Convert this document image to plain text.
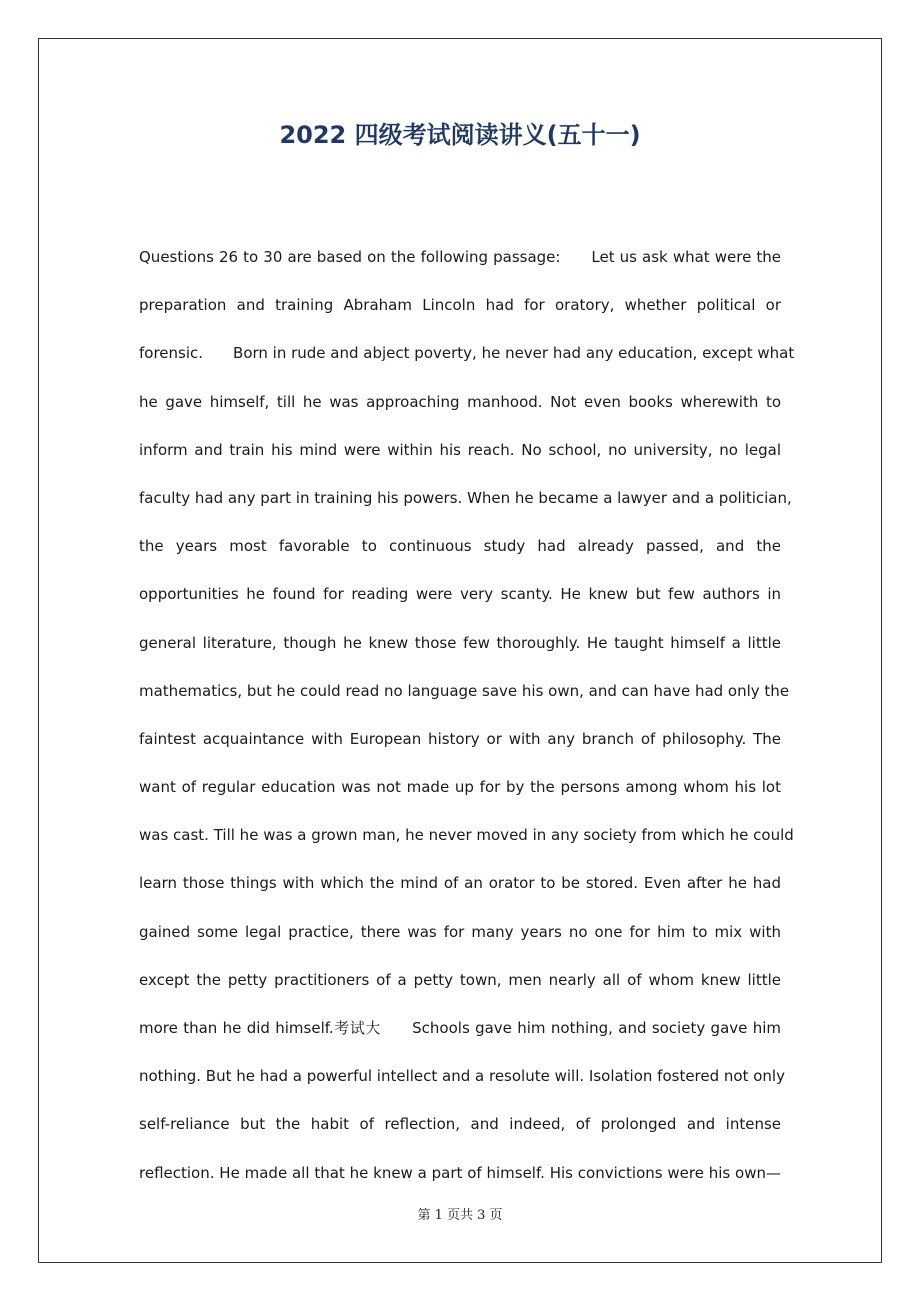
2022 四级考试阅读讲义(五十一)
Questions 26 to 30 are based on the following passage:　　Let us ask what were the
preparation and training Abraham Lincoln had for oratory, whether political or
forensic.　　Born in rude and abject poverty, he never had any education, except what
he gave himself, till he was approaching manhood. Not even books wherewith to
inform and train his mind were within his reach. No school, no university, no legal
faculty had any part in training his powers. When he became a lawyer and a politician,
the years most favorable to continuous study had already passed, and the
opportunities he found for reading were very scanty. He knew but few authors in
general literature, though he knew those few thoroughly. He taught himself a little
mathematics, but he could read no language save his own, and can have had only the
faintest acquaintance with European history or with any branch of philosophy. The
want of regular education was not made up for by the persons among whom his lot
was cast. Till he was a grown man, he never moved in any society from which he could
learn those things with which the mind of an orator to be stored. Even after he had
gained some legal practice, there was for many years no one for him to mix with
except the petty practitioners of a petty town, men nearly all of whom knew little
more than he did himself.考试大　　Schools gave him nothing, and society gave him
nothing. But he had a powerful intellect and a resolute will. Isolation fostered not only
self-reliance but the habit of reflection, and indeed, of prolonged and intense
reflection. He made all that he knew a part of himself. His convictions were his own—
第 1 页共 3 页
